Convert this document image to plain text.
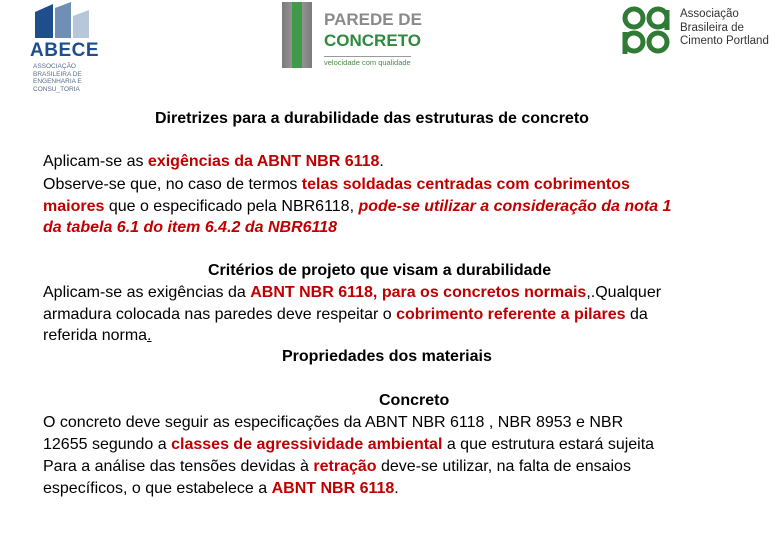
ABECE
ASSOCIAÇÃO
BRASILEIRA DE
ENGENHARIA E
CONSU_TORIA
PAREDE DE
CONCRETO
velocidade com qualidade
Associação
Brasileira de
Cimento Portland
Diretrizes para a durabilidade das estruturas de concreto
Aplicam-se as exigências da ABNT NBR 6118.
Observe-se que, no caso de termos telas soldadas centradas com cobrimentos
maiores que o especificado pela NBR6118, pode-se utilizar a consideração da nota 1
da tabela 6.1 do item 6.4.2 da NBR6118
Critérios de projeto que visam a durabilidade
Aplicam-se as exigências da ABNT NBR 6118, para os concretos normais,.Qualquer
armadura colocada nas paredes deve respeitar o cobrimento referente a pilares da
referida norma.
Propriedades dos materiais
Concreto
O concreto deve seguir as especificações da ABNT NBR 6118 , NBR 8953 e NBR
12655 segundo a classes de agressividade ambiental a que estrutura estará sujeita
Para a análise das tensões devidas à retração deve-se utilizar, na falta de ensaios
específicos, o que estabelece a ABNT NBR 6118.
